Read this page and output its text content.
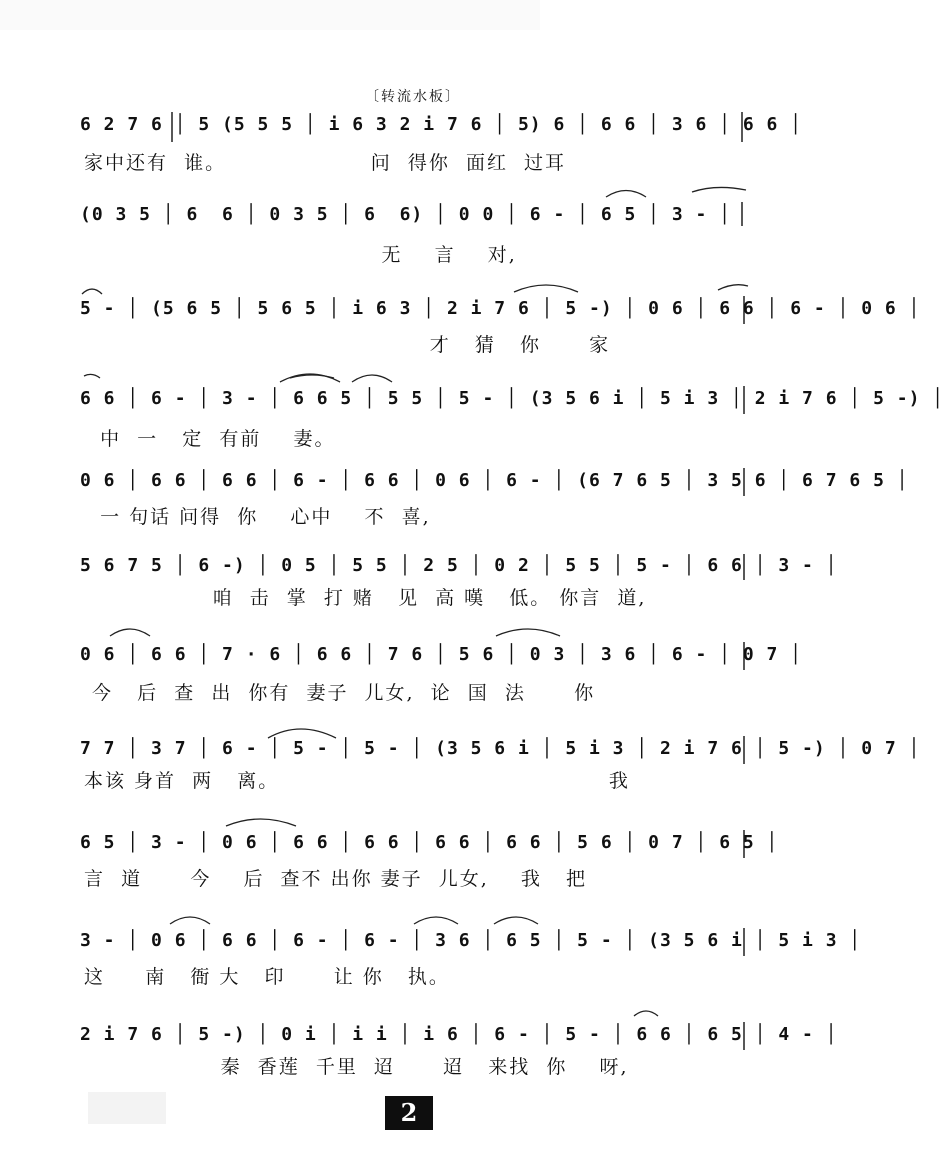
〔转流水板〕
6 2 7 6 │ 5 (5 5 5 │ i 6 3 2 i 7 6 │ 5) 6 │ 6 6 │ 3 6 │ 6 6 │
家中还有  谁。                  问  得你  面红  过耳
(0 3 5 │ 6  6 │ 0 3 5 │ 6  6) │ 0 0 │ 6 - │ 6 5 │ 3 - │
无    言    对,
5 - │ (5 6 5 │ 5 6 5 │ i 6 3 │ 2 i 7 6 │ 5 -) │ 0 6 │ 6 6 │ 6 - │ 0 6 │
才   猜   你      家
6 6 │ 6 - │ 3 - │ 6 6 5 │ 5 5 │ 5 - │ (3 5 6 i │ 5 i 3 │ 2 i 7 6 │ 5 -) │
中  一   定  有前    妻。
0 6 │ 6 6 │ 6 6 │ 6 - │ 6 6 │ 0 6 │ 6 - │ (6 7 6 5 │ 3 5 6 │ 6 7 6 5 │
一 句话 问得  你    心中    不  喜,
5 6 7 5 │ 6 -) │ 0 5 │ 5 5 │ 2 5 │ 0 2 │ 5 5 │ 5 - │ 6 6 │ 3 - │
咱  击  掌  打 赌   见  高 嘆   低。 你言  道,
0 6 │ 6 6 │ 7 · 6 │ 6 6 │ 7 6 │ 5 6 │ 0 3 │ 3 6 │ 6 - │ 0 7 │
今   后  查  出  你有  妻子  儿女,  论  国  法      你
7 7 │ 3 7 │ 6 - │ 5 - │ 5 - │ (3 5 6 i │ 5 i 3 │ 2 i 7 6 │ 5 -) │ 0 7 │
本该 身首  两   离。                                         我
6 5 │ 3 - │ 0 6 │ 6 6 │ 6 6 │ 6 6 │ 6 6 │ 5 6 │ 0 7 │ 6 5 │
言  道      今    后  查不 出你 妻子  儿女,    我   把
3 - │ 0 6 │ 6 6 │ 6 - │ 6 - │ 3 6 │ 6 5 │ 5 - │ (3 5 6 i │ 5 i 3 │
这     南   衙 大   印      让 你   执。
2 i 7 6 │ 5 -) │ 0 i │ i i │ i 6 │ 6 - │ 5 - │ 6 6 │ 6 5 │ 4 - │
秦  香莲  千里  迢      迢   来找  你    呀,
2
